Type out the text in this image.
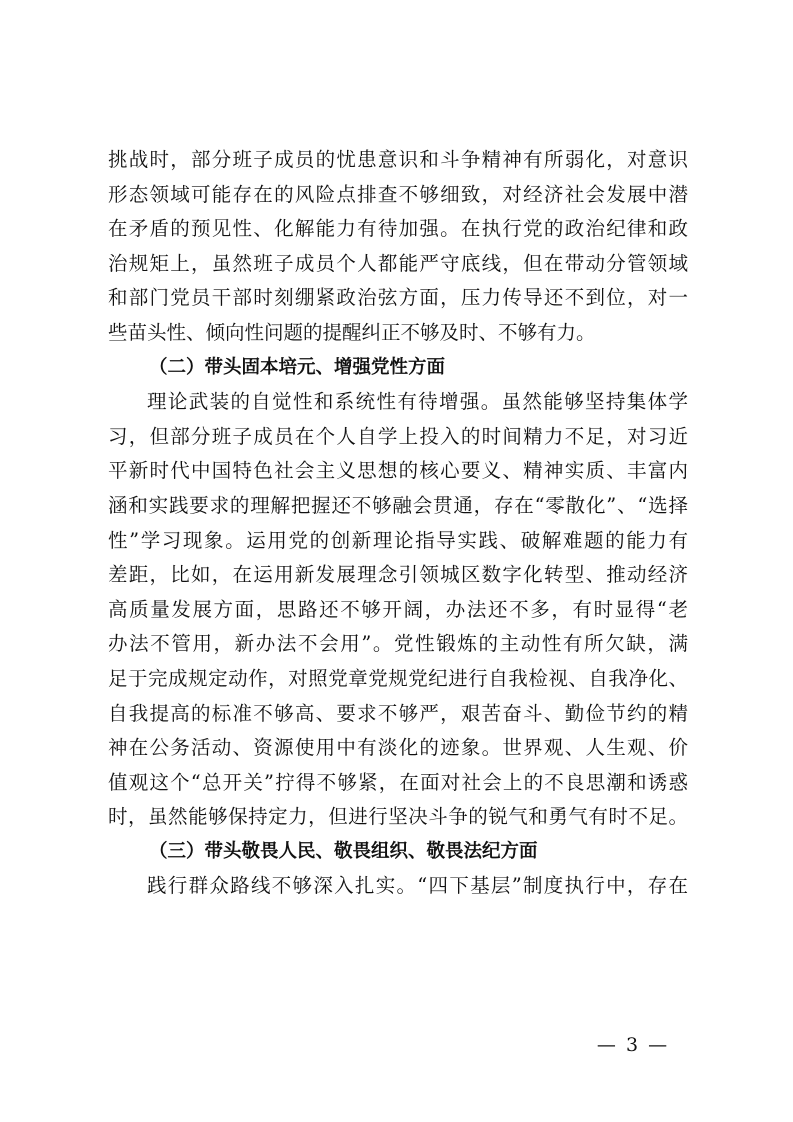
挑战时，部分班子成员的忧患意识和斗争精神有所弱化，对意识
形态领域可能存在的风险点排查不够细致，对经济社会发展中潜
在矛盾的预见性、化解能力有待加强。在执行党的政治纪律和政
治规矩上，虽然班子成员个人都能严守底线，但在带动分管领域
和部门党员干部时刻绷紧政治弦方面，压力传导还不到位，对一
些苗头性、倾向性问题的提醒纠正不够及时、不够有力。
（二）带头固本培元、增强党性方面
理论武装的自觉性和系统性有待增强。虽然能够坚持集体学
习，但部分班子成员在个人自学上投入的时间精力不足，对习近
平新时代中国特色社会主义思想的核心要义、精神实质、丰富内
涵和实践要求的理解把握还不够融会贯通，存在“零散化”、“选择
性”学习现象。运用党的创新理论指导实践、破解难题的能力有
差距，比如，在运用新发展理念引领城区数字化转型、推动经济
高质量发展方面，思路还不够开阔，办法还不多，有时显得“老
办法不管用，新办法不会用”。党性锻炼的主动性有所欠缺，满
足于完成规定动作，对照党章党规党纪进行自我检视、自我净化、
自我提高的标准不够高、要求不够严，艰苦奋斗、勤俭节约的精
神在公务活动、资源使用中有淡化的迹象。世界观、人生观、价
值观这个“总开关”拧得不够紧，在面对社会上的不良思潮和诱惑
时，虽然能够保持定力，但进行坚决斗争的锐气和勇气有时不足。
（三）带头敬畏人民、敬畏组织、敬畏法纪方面
践行群众路线不够深入扎实。“四下基层”制度执行中，存在
— 3 —
